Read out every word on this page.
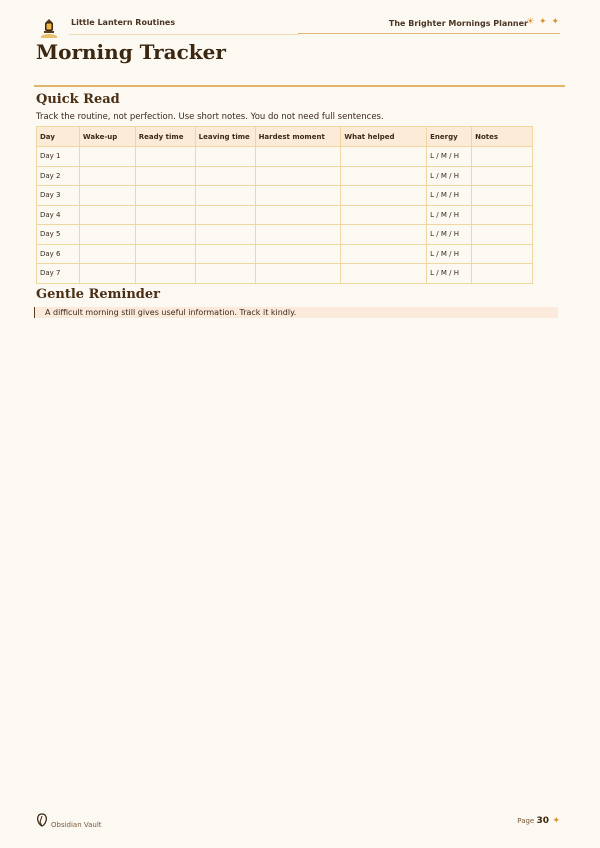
Little Lantern Routines	The Brighter Mornings Planner
☀ ✦ ✦
Morning Tracker
Quick Read

Track the routine, not perfection. Use short notes. You do not need full sentences.

Day	Wake-up	Ready time	Leaving time	Hardest moment	What helped	Energy	Notes
Day 1						L / M / H	
Day 2						L / M / H	
Day 3						L / M / H	
Day 4						L / M / H	
Day 5						L / M / H	
Day 6						L / M / H	
Day 7						L / M / H	
Gentle Reminder
A difficult morning still gives useful information. Track it kindly.
Obsidian Vault	Page 30 ✦
